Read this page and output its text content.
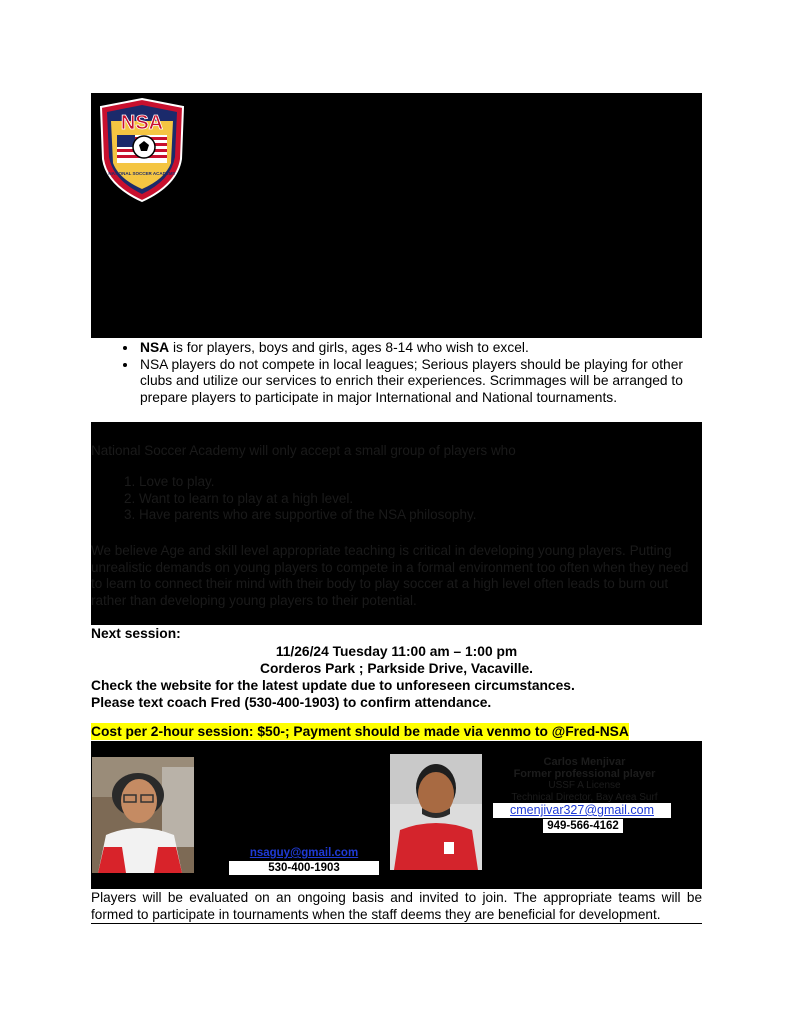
NSA
NATIONAL SOCCER ACADEMY
• NSA is for players, boys and girls, ages 8-14 who wish to excel.
• NSA players do not compete in local leagues; Serious players should be playing for other clubs and utilize our services to enrich their experiences. Scrimmages will be arranged to prepare players to participate in major International and National tournaments.
National Soccer Academy will only accept a small group of players who
1. Love to play.
2. Want to learn to play at a high level.
3. Have parents who are supportive of the NSA philosophy.
We believe Age and skill level appropriate teaching is critical in developing young players. Putting unrealistic demands on young players to compete in a formal environment too often when they need to learn to connect their mind with their body to play soccer at a high level often leads to burn out rather than developing young players to their potential.
Next session:
11/26/24 Tuesday 11:00 am – 1:00 pm
Corderos Park ; Parkside Drive, Vacaville.
Check the website for the latest update due to unforeseen circumstances.
Please text coach Fred (530-400-1903) to confirm attendance.
Cost per 2-hour session: $50-; Payment should be made via venmo to @Fred-NSA
nsaguy@gmail.com
530-400-1903
Carlos Menjivar
Former professional player
USSF A License
Technical Director, Bay Area Surf
cmenjivar327@gmail.com
949-566-4162
Players will be evaluated on an ongoing basis and invited to join. The appropriate teams will be formed to participate in tournaments when the staff deems they are beneficial for development.
